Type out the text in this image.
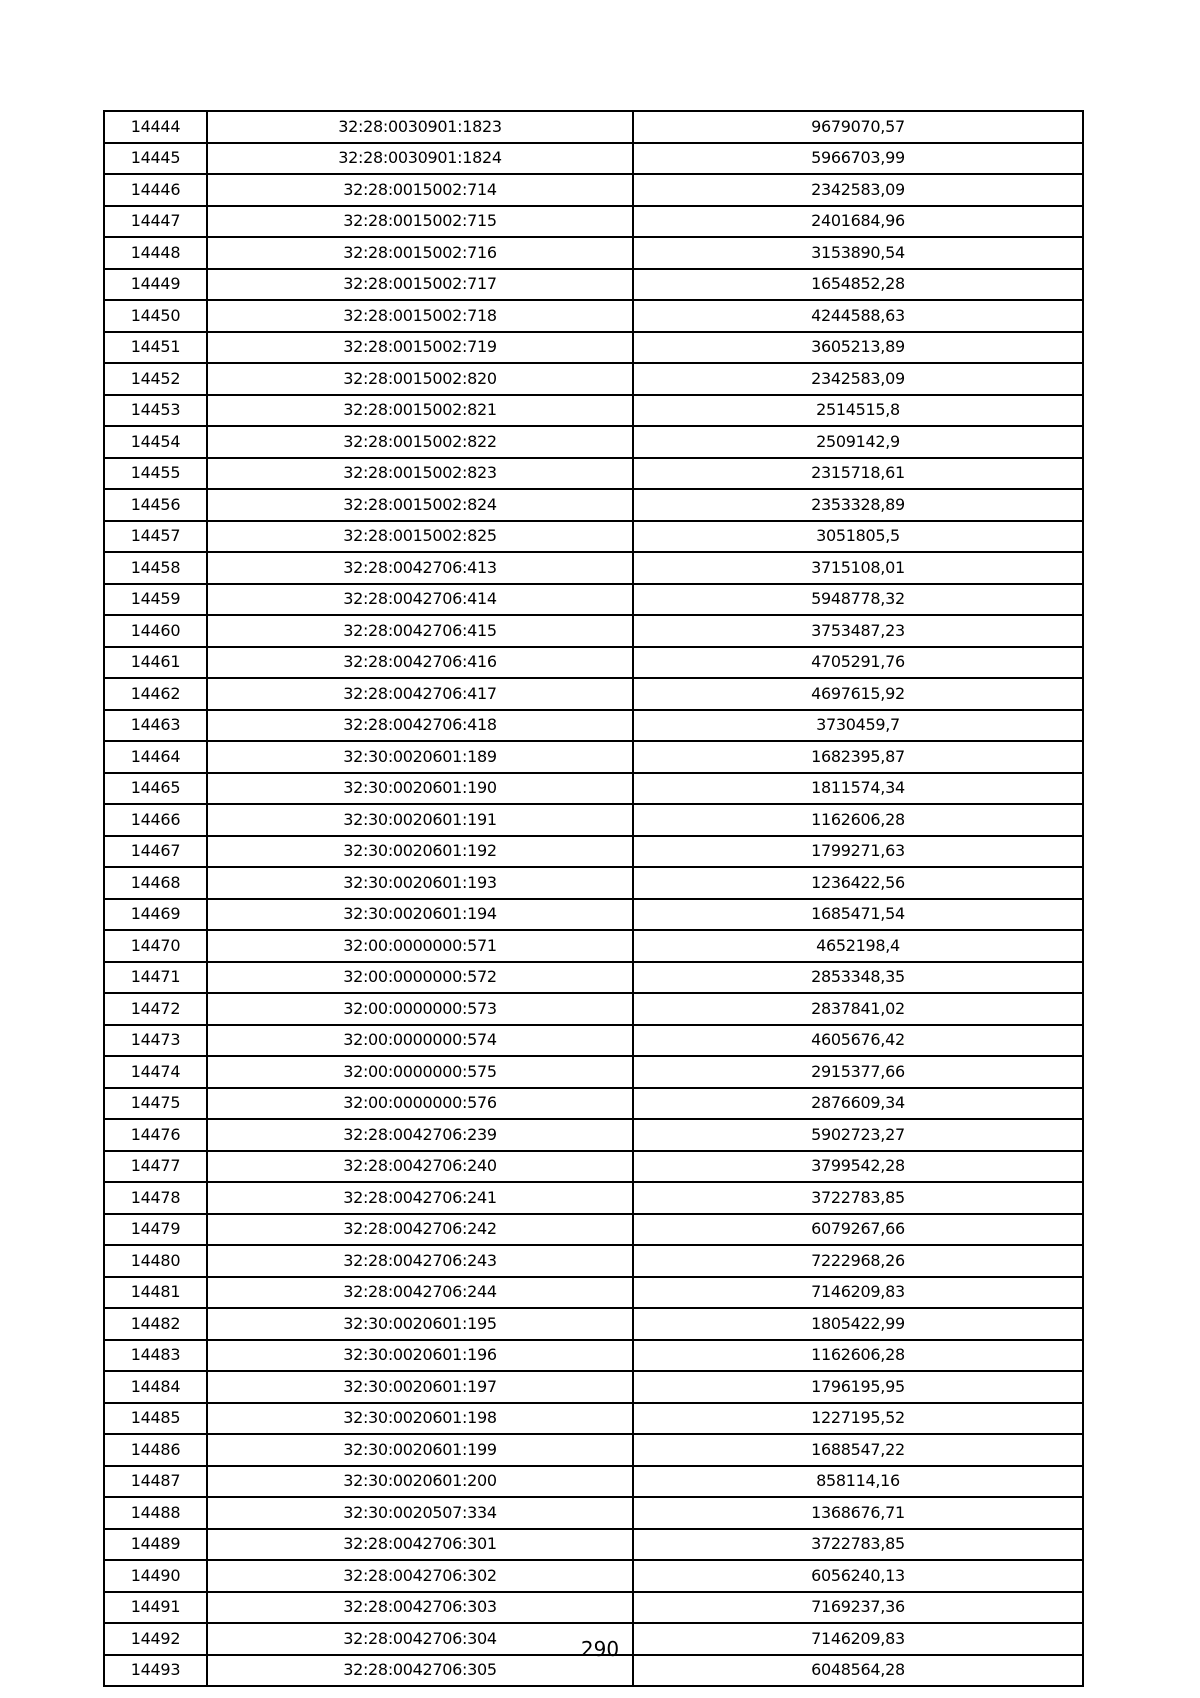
14444	32:28:0030901:1823	9679070,57
14445	32:28:0030901:1824	5966703,99
14446	32:28:0015002:714	2342583,09
14447	32:28:0015002:715	2401684,96
14448	32:28:0015002:716	3153890,54
14449	32:28:0015002:717	1654852,28
14450	32:28:0015002:718	4244588,63
14451	32:28:0015002:719	3605213,89
14452	32:28:0015002:820	2342583,09
14453	32:28:0015002:821	2514515,8
14454	32:28:0015002:822	2509142,9
14455	32:28:0015002:823	2315718,61
14456	32:28:0015002:824	2353328,89
14457	32:28:0015002:825	3051805,5
14458	32:28:0042706:413	3715108,01
14459	32:28:0042706:414	5948778,32
14460	32:28:0042706:415	3753487,23
14461	32:28:0042706:416	4705291,76
14462	32:28:0042706:417	4697615,92
14463	32:28:0042706:418	3730459,7
14464	32:30:0020601:189	1682395,87
14465	32:30:0020601:190	1811574,34
14466	32:30:0020601:191	1162606,28
14467	32:30:0020601:192	1799271,63
14468	32:30:0020601:193	1236422,56
14469	32:30:0020601:194	1685471,54
14470	32:00:0000000:571	4652198,4
14471	32:00:0000000:572	2853348,35
14472	32:00:0000000:573	2837841,02
14473	32:00:0000000:574	4605676,42
14474	32:00:0000000:575	2915377,66
14475	32:00:0000000:576	2876609,34
14476	32:28:0042706:239	5902723,27
14477	32:28:0042706:240	3799542,28
14478	32:28:0042706:241	3722783,85
14479	32:28:0042706:242	6079267,66
14480	32:28:0042706:243	7222968,26
14481	32:28:0042706:244	7146209,83
14482	32:30:0020601:195	1805422,99
14483	32:30:0020601:196	1162606,28
14484	32:30:0020601:197	1796195,95
14485	32:30:0020601:198	1227195,52
14486	32:30:0020601:199	1688547,22
14487	32:30:0020601:200	858114,16
14488	32:30:0020507:334	1368676,71
14489	32:28:0042706:301	3722783,85
14490	32:28:0042706:302	6056240,13
14491	32:28:0042706:303	7169237,36
14492	32:28:0042706:304	7146209,83
14493	32:28:0042706:305	6048564,28
290
